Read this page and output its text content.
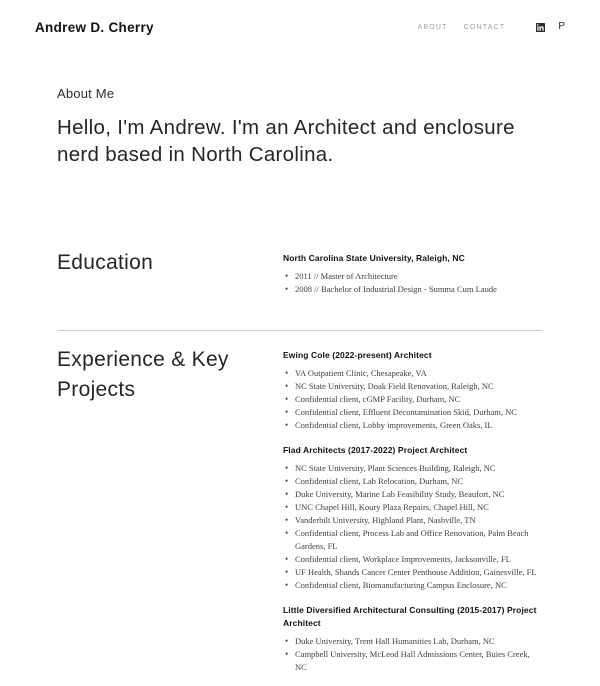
Andrew D. Cherry	ABOUT CONTACT	P
About Me
Hello, I'm Andrew. I'm an Architect and enclosure nerd based in North Carolina.
Education	North Carolina State University, Raleigh, NC
• 2011 // Master of Architecture
• 2008 // Bachelor of Industrial Design - Summa Cum Laude
Experience & Key Projects
Ewing Cole (2022-present) Architect
• VA Outpatient Clinic, Chesapeake, VA
• NC State University, Doak Field Renovation, Raleigh, NC
• Confidential client, cGMP Facility, Durham, NC
• Confidential client, Effluent Decontamination Skid, Durham, NC
• Confidential client, Lobby improvements, Green Oaks, IL
Flad Architects (2017-2022) Project Architect
• NC State University, Plant Sciences Building, Raleigh, NC
• Confidential client, Lab Relocation, Durham, NC
• Duke University, Marine Lab Feasibility Study, Beaufort, NC
• UNC Chapel Hill, Koury Plaza Repairs, Chapel Hill, NC
• Vanderbilt University, Highland Plant, Nashville, TN
• Confidential client, Process Lab and Office Renovation, Palm Beach Gardens, FL
• Confidential client, Workplace Improvements, Jacksonville, FL
• UF Health, Shands Cancer Center Penthouse Addition, Gainesville, FL
• Confidential client, Biomanufacturing Campus Enclosure, NC
Little Diversified Architectural Consulting (2015-2017) Project Architect
• Duke University, Trent Hall Humanities Lab, Durham, NC
• Campbell University, McLeod Hall Admissions Center, Buies Creek, NC
